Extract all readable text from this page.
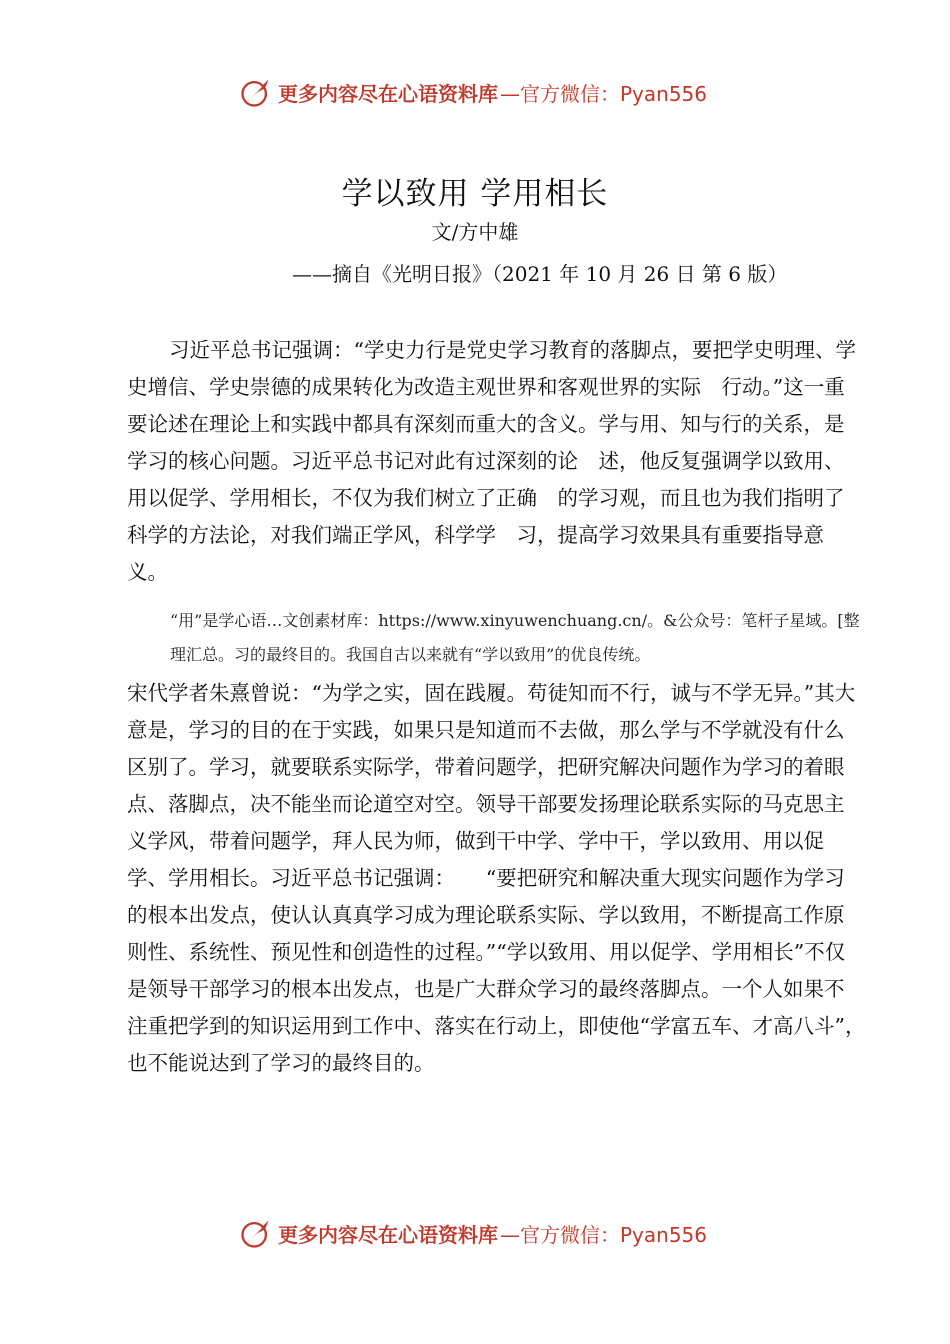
更多内容尽在心语资料库 —官方微信：Pyan556
学以致用 学用相长
文/方中雄
——摘自《光明日报》（2021 年 10 月 26 日 第 6 版）

习近平总书记强调：“学史力行是党史学习教育的落脚点，要把学史明理、学史增信、学史崇德的成果转化为改造主观世界和客观世界的实际　行动。”这一重要论述在理论上和实践中都具有深刻而重大的含义。学与用、知与行的关系，是学习的核心问题。习近平总书记对此有过深刻的论　述，他反复强调学以致用、用以促学、学用相长，不仅为我们树立了正确　的学习观，而且也为我们指明了科学的方法论，对我们端正学风，科学学　习，提高学习效果具有重要指导意义。

“用”是学心语…文创素材库：https://www.xinyuwenchuang.cn/。&公众号：笔杆子星域。[整理汇总。习的最终目的。我国自古以来就有“学以致用”的优良传统。

宋代学者朱熹曾说：“为学之实，固在践履。苟徒知而不行，诚与不学无异。”其大意是，学习的目的在于实践，如果只是知道而不去做，那么学与不学就没有什么区别了。学习，就要联系实际学，带着问题学，把研究解决问题作为学习的着眼点、落脚点，决不能坐而论道空对空。领导干部要发扬理论联系实际的马克思主义学风，带着问题学，拜人民为师，做到干中学、学中干，学以致用、用以促学、学用相长。习近平总书记强调：　　“要把研究和解决重大现实问题作为学习的根本出发点，使认认真真学习成为理论联系实际、学以致用，不断提高工作原则性、系统性、预见性和创造性的过程。”“学以致用、用以促学、学用相长”不仅是领导干部学习的根本出发点，也是广大群众学习的最终落脚点。一个人如果不注重把学到的知识运用到工作中、落实在行动上，即使他“学富五车、才高八斗”，　也不能说达到了学习的最终目的。

更多内容尽在心语资料库 —官方微信：Pyan556
